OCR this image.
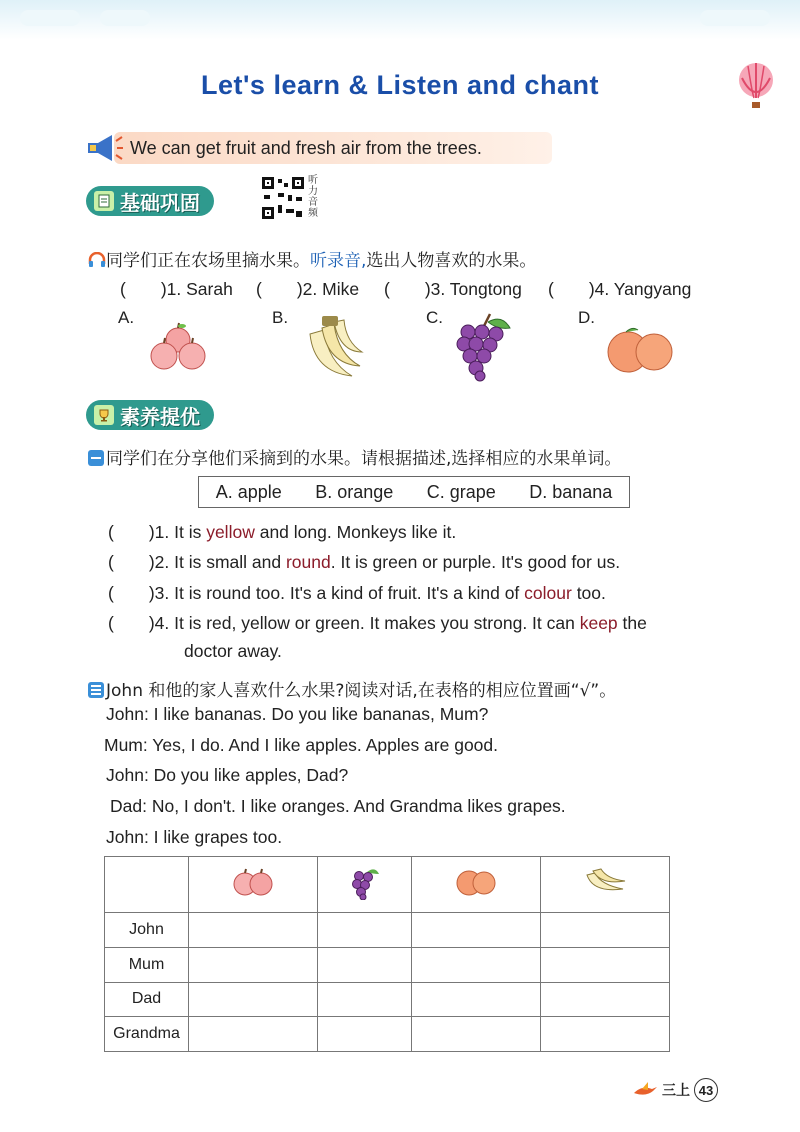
Let's learn & Listen and chant
We can get fruit and fresh air from the trees.
基础巩固
听力音频
同学们正在农场里摘水果。听录音,选出人物喜欢的水果。
(　　)1. Sarah (　　)2. Mike (　　)3. Tongtong (　　)4. Yangyang
A.	B.	C.	D.
素养提优
同学们在分享他们采摘到的水果。请根据描述,选择相应的水果单词。
A. apple B. orange C. grape D. banana
(　　)1. It is yellow and long. Monkeys like it.
(　　)2. It is small and round. It is green or purple. It's good for us.
(　　)3. It is round too. It's a kind of fruit. It's a kind of colour too.
(　　)4. It is red, yellow or green. It makes you strong. It can keep the
doctor away.
John 和他的家人喜欢什么水果?阅读对话,在表格的相应位置画“√”。
John: I like bananas. Do you like bananas, Mum?
Mum: Yes, I do. And I like apples. Apples are good.
John: Do you like apples, Dad?
Dad: No, I don't. I like oranges. And Grandma likes grapes.
John: I like grapes too.

John				
Mum				
Dad				
Grandma				
三上 43
